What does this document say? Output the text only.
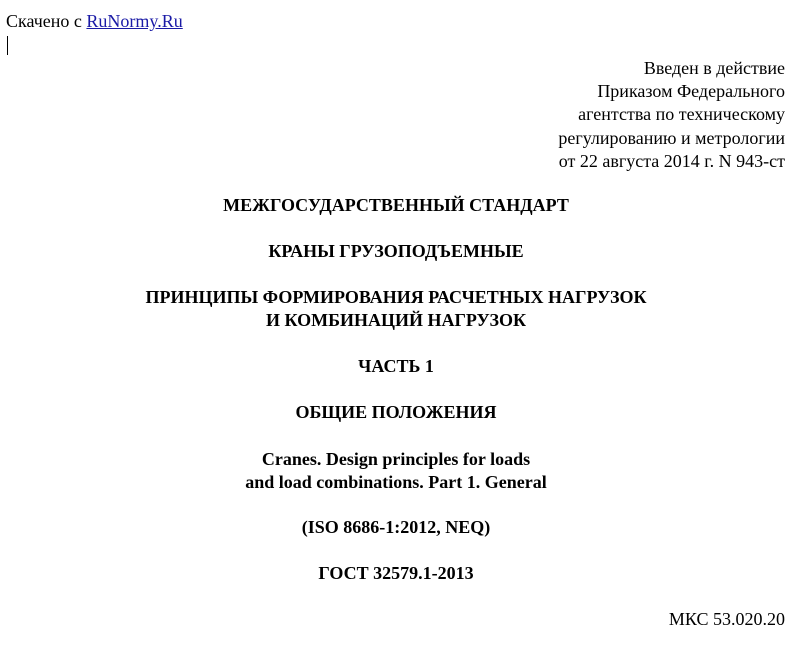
Скачено с RuNormy.Ru
Введен в действие
Приказом Федерального
агентства по техническому
регулированию и метрологии
от 22 августа 2014 г. N 943-ст
МЕЖГОСУДАРСТВЕННЫЙ СТАНДАРТ
КРАНЫ ГРУЗОПОДЪЕМНЫЕ
ПРИНЦИПЫ ФОРМИРОВАНИЯ РАСЧЕТНЫХ НАГРУЗОК
И КОМБИНАЦИЙ НАГРУЗОК
ЧАСТЬ 1
ОБЩИЕ ПОЛОЖЕНИЯ
Cranes. Design principles for loads
and load combinations. Part 1. General
(ISO 8686-1:2012, NEQ)
ГОСТ 32579.1-2013
МКС 53.020.20
